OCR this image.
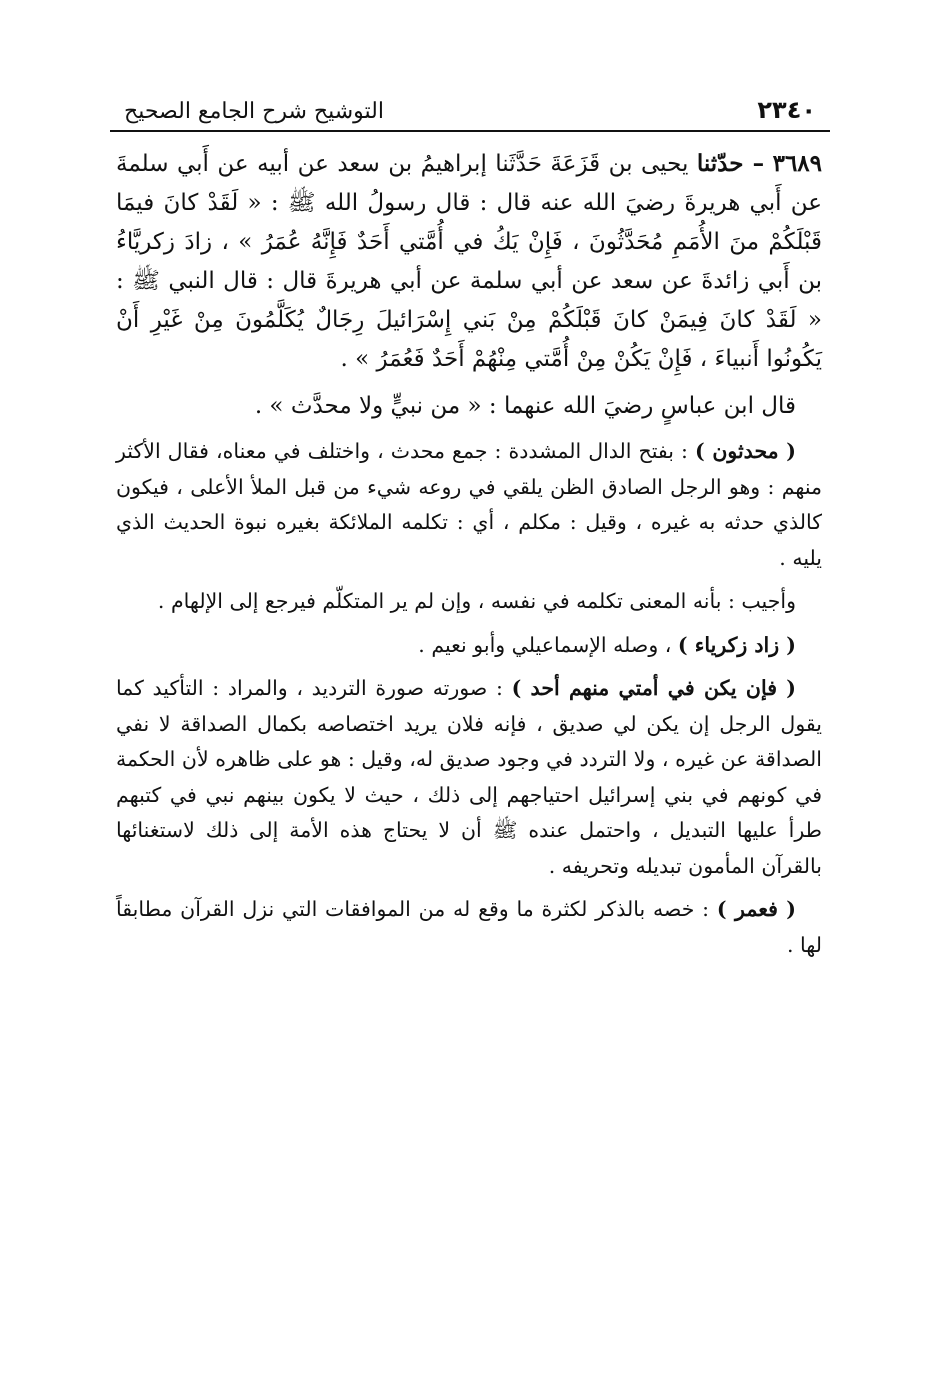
٢٣٤٠
التوشيح شرح الجامع الصحيح

٣٦٨٩ – حدّثنا يحيى بن قَزَعَةَ حَدَّثَنا إبراهيمُ بن سعد عن أبيه عن أَبي سلمةَ عن أَبي هريرةَ رضيَ الله عنه قال : قال رسولُ الله ﷺ : « لَقَدْ كانَ فيمَا قَبْلَكُمْ منَ الأُمَمِ مُحَدَّثُونَ ، فَإِنْ يَكُ في أُمَّتي أَحَدٌ فَإِنَّهُ عُمَرُ » ، زادَ زكريَّاءُ بن أَبي زائدةَ عن سعد عن أبي سلمة عن أبي هريرةَ قال : قال النبي ﷺ : « لَقَدْ كانَ فِيمَنْ كانَ قَبْلَكُمْ مِنْ بَني إِسْرَائيلَ رِجَالٌ يُكَلَّمُونَ مِنْ غَيْرِ أَنْ يَكُونُوا أَنبياءَ ، فَإِنْ يَكُنْ مِنْ أُمَّتي مِنْهُمْ أَحَدٌ فَعُمَرُ » .

قال ابن عباسٍ رضيَ الله عنهما : « من نبيٍّ ولا محدَّث » .

( محدثون ) : بفتح الدال المشددة : جمع محدث ، واختلف في معناه، فقال الأكثر منهم : وهو الرجل الصادق الظن يلقي في روعه شيء من قبل الملأ الأعلى ، فيكون كالذي حدثه به غيره ، وقيل : مكلم ، أي : تكلمه الملائكة بغيره نبوة الحديث الذي يليه .

وأجيب : بأنه المعنى تكلمه في نفسه ، وإن لم ير المتكلّم فيرجع إلى الإلهام .

( زاد زكرياء ) ، وصله الإسماعيلي وأبو نعيم .

( فإن يكن في أمتي منهم أحد ) : صورته صورة الترديد ، والمراد : التأكيد كما يقول الرجل إن يكن لي صديق ، فإنه فلان يريد اختصاصه بكمال الصداقة لا نفي الصداقة عن غيره ، ولا التردد في وجود صديق له، وقيل : هو على ظاهره لأن الحكمة في كونهم في بني إسرائيل احتياجهم إلى ذلك ، حيث لا يكون بينهم نبي في كتبهم طرأ عليها التبديل ، واحتمل عنده ﷺ أن لا يحتاج هذه الأمة إلى ذلك لاستغنائها بالقرآن المأمون تبديله وتحريفه .

( فعمر ) : خصه بالذكر لكثرة ما وقع له من الموافقات التي نزل القرآن مطابقاً لها .
